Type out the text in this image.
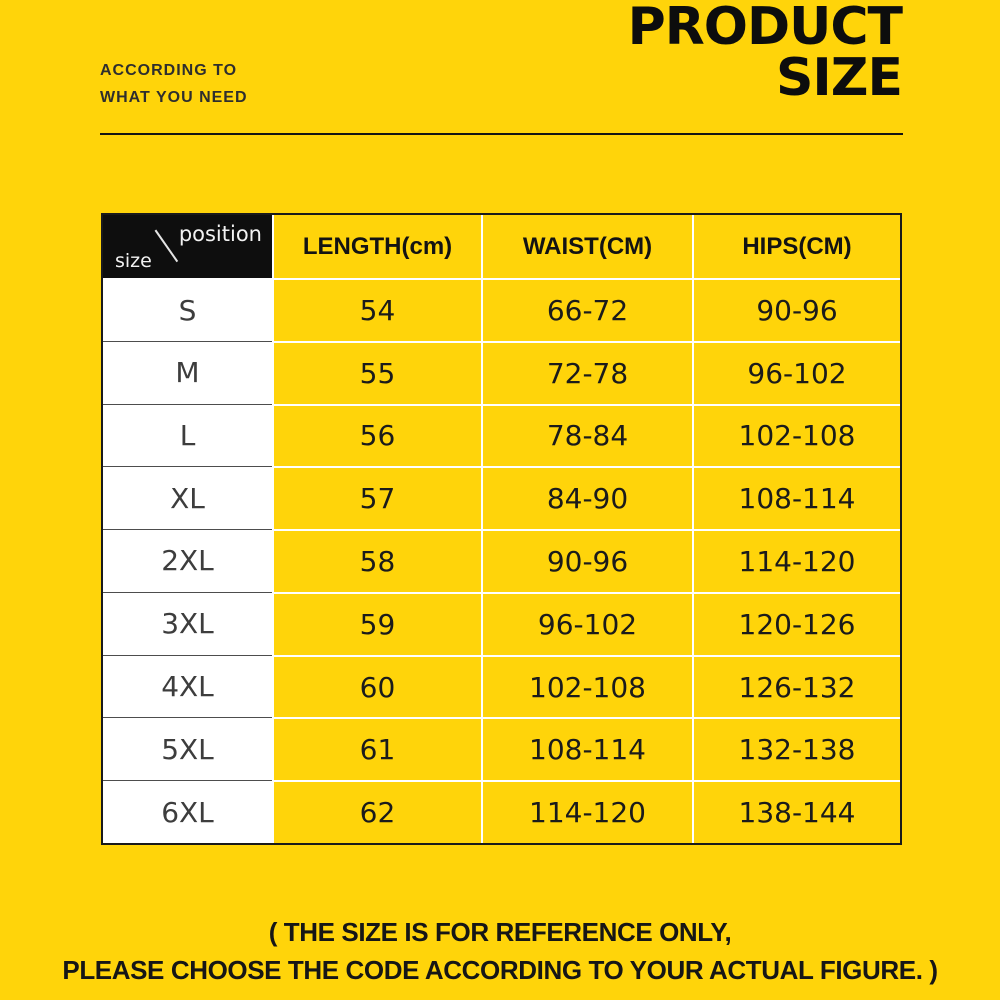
ACCORDING TO
WHAT YOU NEED
PRODUCT
SIZE
position
size
LENGTH(cm)	WAIST(CM)	HIPS(CM)
S	54	66-72	90-96
M	55	72-78	96-102
L	56	78-84	102-108
XL	57	84-90	108-114
2XL	58	90-96	114-120
3XL	59	96-102	120-126
4XL	60	102-108	126-132
5XL	61	108-114	132-138
6XL	62	114-120	138-144
( THE SIZE IS FOR REFERENCE ONLY,
PLEASE CHOOSE THE CODE ACCORDING TO YOUR ACTUAL FIGURE. )
